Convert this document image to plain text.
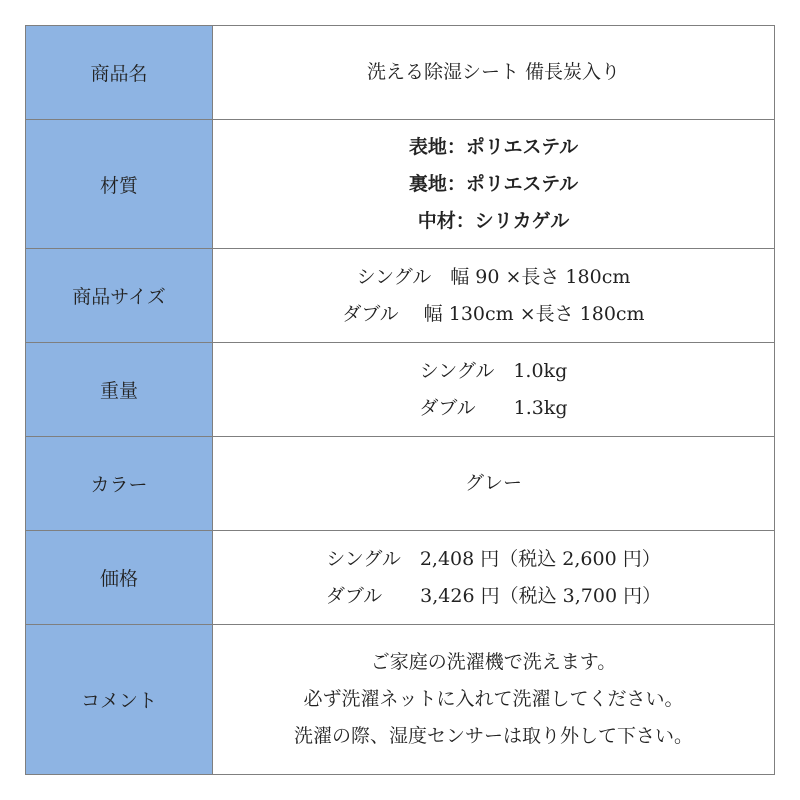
商品名	洗える除湿シート 備長炭入り
材質
表地：ポリエステル
裏地：ポリエステル
中材：シリカゲル
商品サイズ
シングル　幅 90 ×長さ 180cm
ダブル　 幅 130cm ×長さ 180cm
重量
シングル　1.0kg
ダブル　　1.3kg
カラー	グレー
価格
シングル　2,408 円（税込 2,600 円）
ダブル　　3,426 円（税込 3,700 円）
コメント
ご家庭の洗濯機で洗えます。
必ず洗濯ネットに入れて洗濯してください。
洗濯の際、湿度センサーは取り外して下さい。
